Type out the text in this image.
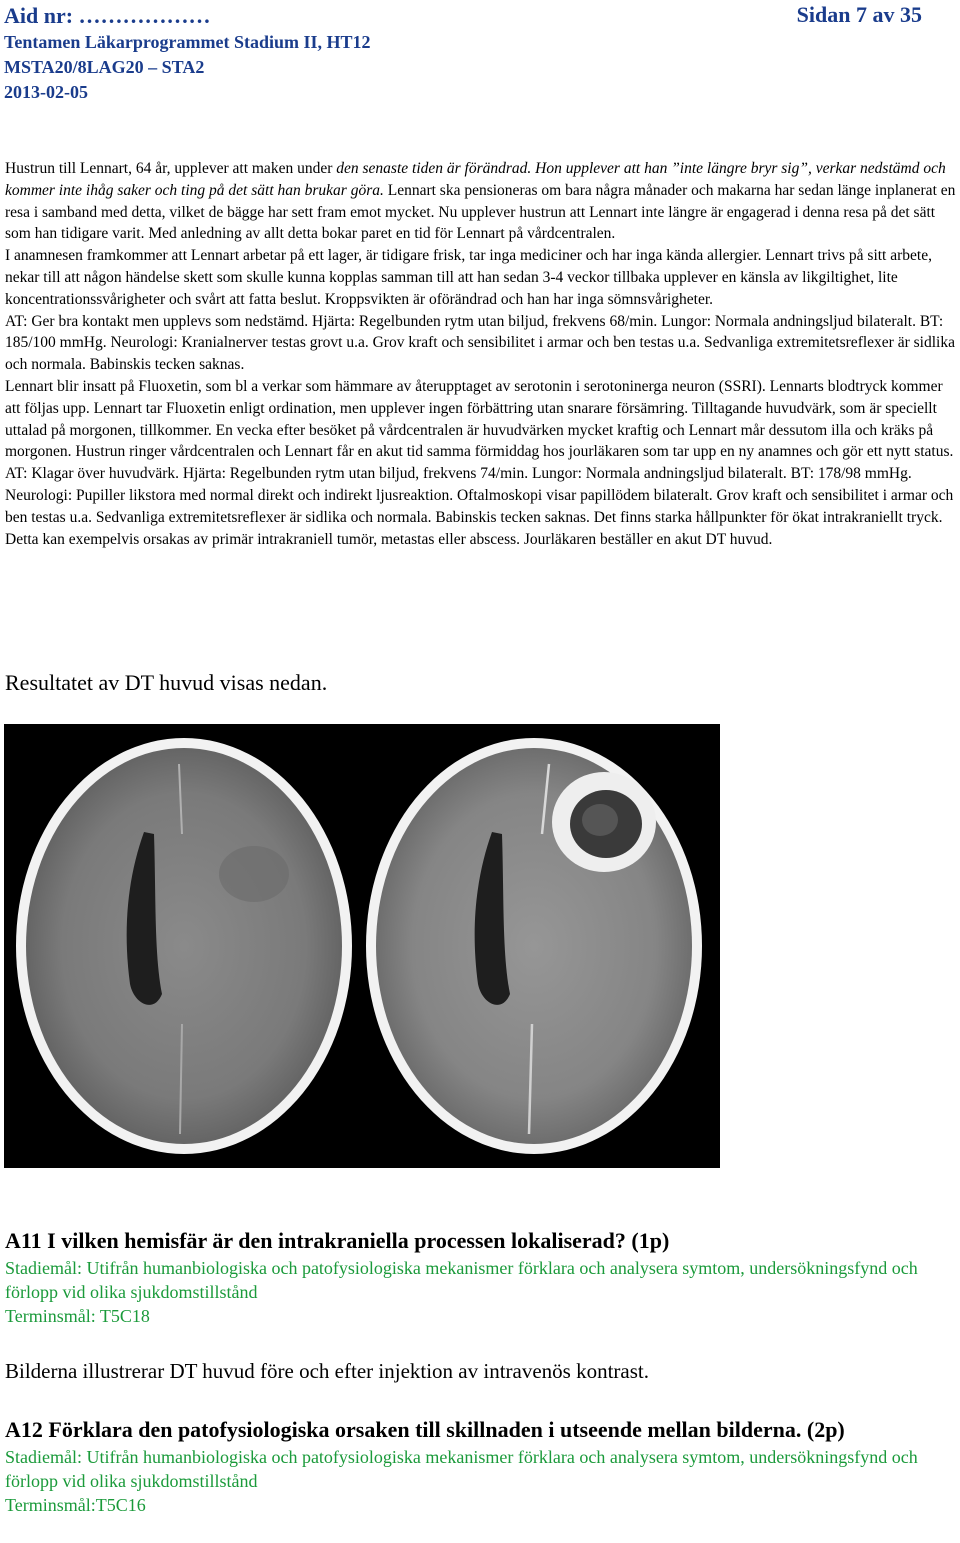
Aid nr: ………………
Tentamen Läkarprogrammet Stadium II, HT12
MSTA20/8LAG20 – STA2
2013-02-05
Sidan 7 av 35

Hustrun till Lennart, 64 år, upplever att maken under den senaste tiden är förändrad. Hon upplever att han ”inte längre bryr sig”, verkar nedstämd och kommer inte ihåg saker och ting på det sätt han brukar göra. Lennart ska pensioneras om bara några månader och makarna har sedan länge inplanerat en resa i samband med detta, vilket de bägge har sett fram emot mycket. Nu upplever hustrun att Lennart inte längre är engagerad i denna resa på det sätt som han tidigare varit. Med anledning av allt detta bokar paret en tid för Lennart på vårdcentralen.

I anamnesen framkommer att Lennart arbetar på ett lager, är tidigare frisk, tar inga mediciner och har inga kända allergier. Lennart trivs på sitt arbete, nekar till att någon händelse skett som skulle kunna kopplas samman till att han sedan 3-4 veckor tillbaka upplever en känsla av likgiltighet, lite koncentrationssvårigheter och svårt att fatta beslut. Kroppsvikten är oförändrad och han har inga sömnsvårigheter.

AT: Ger bra kontakt men upplevs som nedstämd. Hjärta: Regelbunden rytm utan biljud, frekvens 68/min. Lungor: Normala andningsljud bilateralt. BT: 185/100 mmHg. Neurologi: Kranialnerver testas grovt u.a. Grov kraft och sensibilitet i armar och ben testas u.a. Sedvanliga extremitetsreflexer är sidlika och normala. Babinskis tecken saknas.

Lennart blir insatt på Fluoxetin, som bl a verkar som hämmare av återupptaget av serotonin i serotoninerga neuron (SSRI). Lennarts blodtryck kommer att följas upp. Lennart tar Fluoxetin enligt ordination, men upplever ingen förbättring utan snarare försämring. Tilltagande huvudvärk, som är speciellt uttalad på morgonen, tillkommer. En vecka efter besöket på vårdcentralen är huvudvärken mycket kraftig och Lennart mår dessutom illa och kräks på morgonen. Hustrun ringer vårdcentralen och Lennart får en akut tid samma förmiddag hos jourläkaren som tar upp en ny anamnes och gör ett nytt status. AT: Klagar över huvudvärk. Hjärta: Regelbunden rytm utan biljud, frekvens 74/min. Lungor: Normala andningsljud bilateralt. BT: 178/98 mmHg. Neurologi: Pupiller likstora med normal direkt och indirekt ljusreaktion. Oftalmoskopi visar papillödem bilateralt. Grov kraft och sensibilitet i armar och ben testas u.a. Sedvanliga extremitetsreflexer är sidlika och normala. Babinskis tecken saknas. Det finns starka hållpunkter för ökat intrakraniellt tryck. Detta kan exempelvis orsakas av primär intrakraniell tumör, metastas eller abscess. Jourläkaren beställer en akut DT huvud.

Resultatet av DT huvud visas nedan.
A11 I vilken hemisfär är den intrakraniella processen lokaliserad? (1p)
Stadiemål: Utifrån humanbiologiska och patofysiologiska mekanismer förklara och analysera symtom, undersökningsfynd och förlopp vid olika sjukdomstillstånd
Terminsmål: T5C18
Bilderna illustrerar DT huvud före och efter injektion av intravenös kontrast.
A12 Förklara den patofysiologiska orsaken till skillnaden i utseende mellan bilderna. (2p)
Stadiemål: Utifrån humanbiologiska och patofysiologiska mekanismer förklara och analysera symtom, undersökningsfynd och förlopp vid olika sjukdomstillstånd
Terminsmål:T5C16
